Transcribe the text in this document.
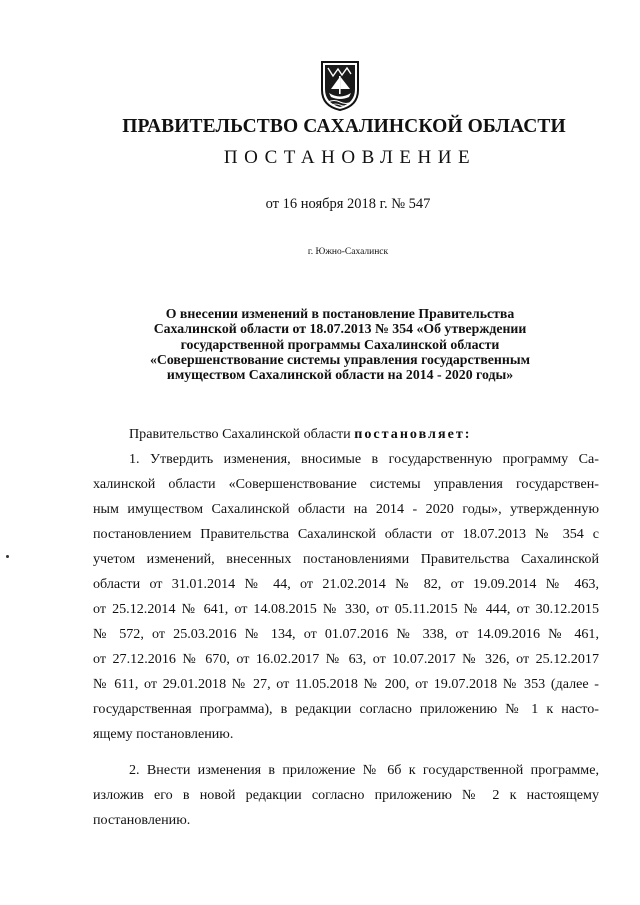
ПРАВИТЕЛЬСТВО САХАЛИНСКОЙ ОБЛАСТИ
ПОСТАНОВЛЕНИЕ
от 16 ноября 2018 г. № 547
г. Южно-Сахалинск
О внесении изменений в постановление Правительства
Сахалинской области от 18.07.2013 № 354 «Об утверждении
государственной программы Сахалинской области
«Совершенствование системы управления государственным
имуществом Сахалинской области на 2014 - 2020 годы»
Правительство Сахалинской области постановляет:
1. Утвердить изменения, вносимые в государственную программу Са-
халинской области «Совершенствование системы управления государствен-
ным имуществом Сахалинской области на 2014 - 2020 годы», утвержденную
постановлением Правительства Сахалинской области от 18.07.2013 № 354 с
учетом изменений, внесенных постановлениями Правительства Сахалинской
области от 31.01.2014 № 44, от 21.02.2014 № 82, от 19.09.2014 № 463,
от 25.12.2014 № 641, от 14.08.2015 № 330, от 05.11.2015 № 444, от 30.12.2015
№ 572, от 25.03.2016 № 134, от 01.07.2016 № 338, от 14.09.2016 № 461,
от 27.12.2016 № 670, от 16.02.2017 № 63, от 10.07.2017 № 326, от 25.12.2017
№ 611, от 29.01.2018 № 27, от 11.05.2018 № 200, от 19.07.2018 № 353 (далее -
государственная программа), в редакции согласно приложению № 1 к насто-
ящему постановлению.
2. Внести изменения в приложение № 6б к государственной программе,
изложив его в новой редакции согласно приложению № 2 к настоящему
постановлению.
